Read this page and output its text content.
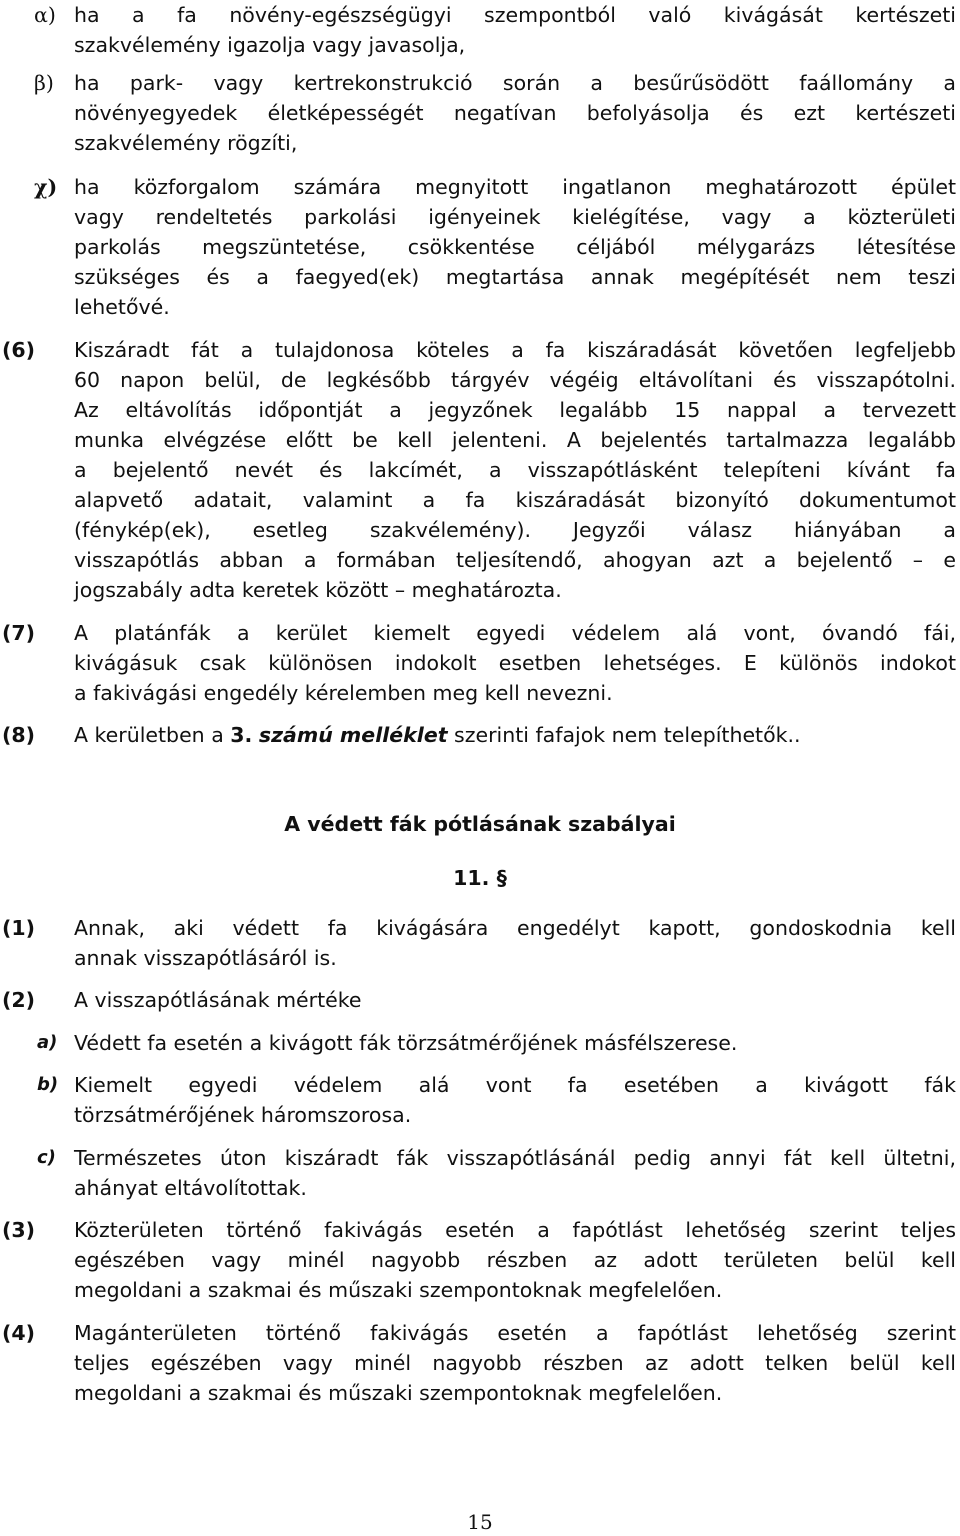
α) ha a fa növény-egészségügyi szempontból való kivágását kertészeti
szakvélemény igazolja vagy javasolja,
β) ha park- vagy kertrekonstrukció során a besűrűsödött faállomány a
növényegyedek életképességét negatívan befolyásolja és ezt kertészeti
szakvélemény rögzíti,
χ) ha közforgalom számára megnyitott ingatlanon meghatározott épület
vagy rendeltetés parkolási igényeinek kielégítése, vagy a közterületi
parkolás megszüntetése, csökkentése céljából mélygarázs létesítése
szükséges és a faegyed(ek) megtartása annak megépítését nem teszi
lehetővé.
(6) Kiszáradt fát a tulajdonosa köteles a fa kiszáradását követően legfeljebb
60 napon belül, de legkésőbb tárgyév végéig eltávolítani és visszapótolni.
Az eltávolítás időpontját a jegyzőnek legalább 15 nappal a tervezett
munka elvégzése előtt be kell jelenteni. A bejelentés tartalmazza legalább
a bejelentő nevét és lakcímét, a visszapótlásként telepíteni kívánt fa
alapvető adatait, valamint a fa kiszáradását bizonyító dokumentumot
(fénykép(ek), esetleg szakvélemény). Jegyzői válasz hiányában a
visszapótlás abban a formában teljesítendő, ahogyan azt a bejelentő – e
jogszabály adta keretek között – meghatározta.
(7) A platánfák a kerület kiemelt egyedi védelem alá vont, óvandó fái,
kivágásuk csak különösen indokolt esetben lehetséges. E különös indokot
a fakivágási engedély kérelemben meg kell nevezni.
(8) A kerületben a 3. számú melléklet szerinti fafajok nem telepíthetők..
A védett fák pótlásának szabályai
11. §
(1) Annak, aki védett fa kivágására engedélyt kapott, gondoskodnia kell
annak visszapótlásáról is.
(2) A visszapótlásának mértéke
a) Védett fa esetén a kivágott fák törzsátmérőjének másfélszerese.
b) Kiemelt egyedi védelem alá vont fa esetében a kivágott fák
törzsátmérőjének háromszorosa.
c) Természetes úton kiszáradt fák visszapótlásánál pedig annyi fát kell ültetni,
ahányat eltávolítottak.
(3) Közterületen történő fakivágás esetén a fapótlást lehetőség szerint teljes
egészében vagy minél nagyobb részben az adott területen belül kell
megoldani a szakmai és műszaki szempontoknak megfelelően.
(4) Magánterületen történő fakivágás esetén a fapótlást lehetőség szerint
teljes egészében vagy minél nagyobb részben az adott telken belül kell
megoldani a szakmai és műszaki szempontoknak megfelelően.
15
